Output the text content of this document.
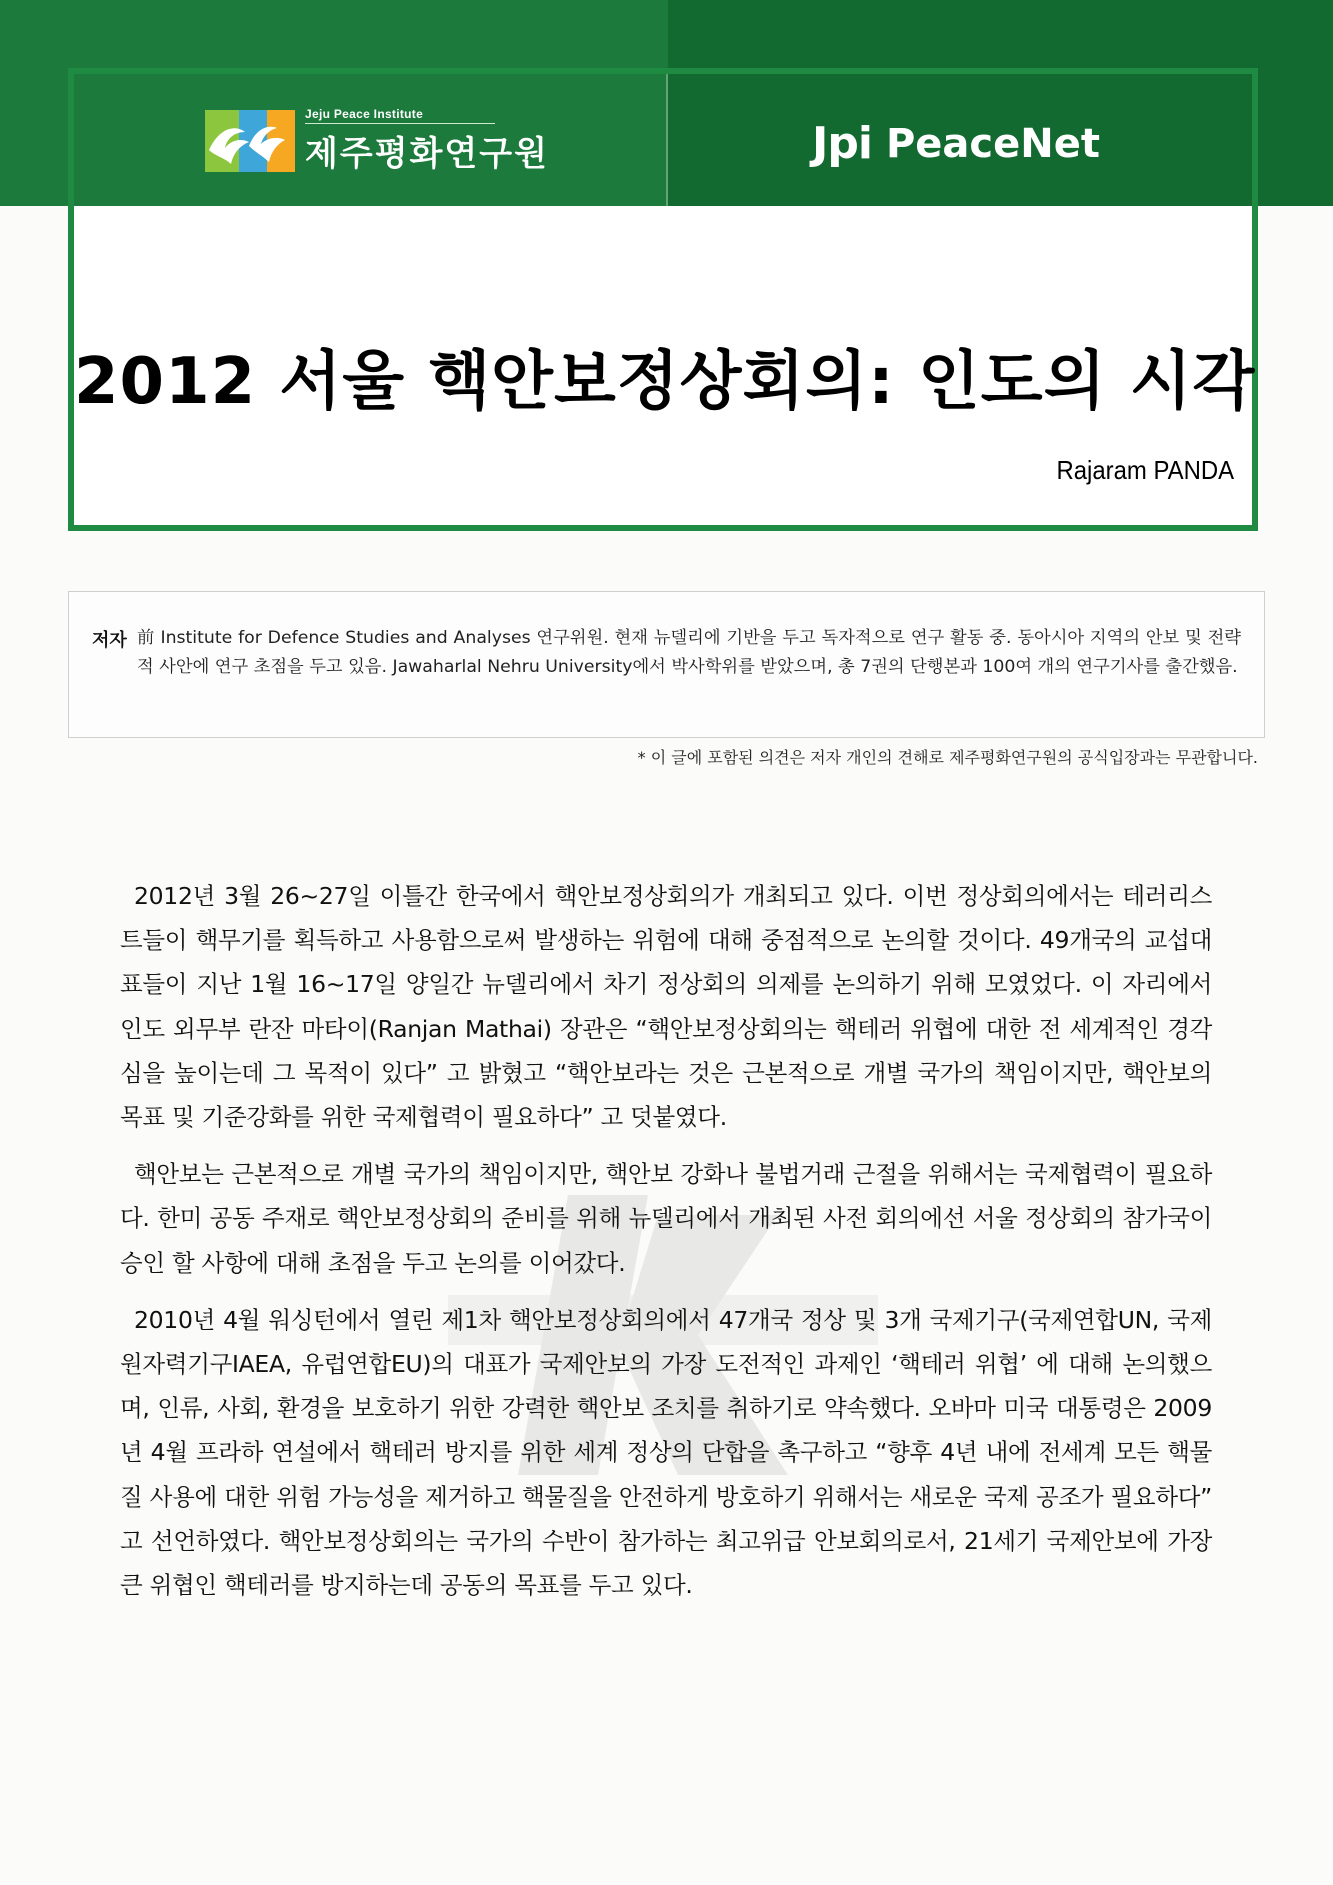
Jeju Peace Institute
제주평화연구원	Jpi PeaceNet
2012 서울 핵안보정상회의: 인도의 시각
Rajaram PANDA
저자 前 Institute for Defence Studies and Analyses 연구위원. 현재 뉴델리에 기반을 두고 독자적으로 연구 활동 중. 동아시아 지역의 안보 및 전략적 사안에 연구 초점을 두고 있음. Jawaharlal Nehru University에서 박사학위를 받았으며, 총 7권의 단행본과 100여 개의 연구기사를 출간했음.
* 이 글에 포함된 의견은 저자 개인의 견해로 제주평화연구원의 공식입장과는 무관합니다.

2012년 3월 26~27일 이틀간 한국에서 핵안보정상회의가 개최되고 있다. 이번 정상회의에서는 테러리스트들이 핵무기를 획득하고 사용함으로써 발생하는 위험에 대해 중점적으로 논의할 것이다. 49개국의 교섭대표들이 지난 1월 16~17일 양일간 뉴델리에서 차기 정상회의 의제를 논의하기 위해 모였었다. 이 자리에서 인도 외무부 란잔 마타이(Ranjan Mathai) 장관은 “핵안보정상회의는 핵테러 위협에 대한 전 세계적인 경각심을 높이는데 그 목적이 있다” 고 밝혔고 “핵안보라는 것은 근본적으로 개별 국가의 책임이지만, 핵안보의 목표 및 기준강화를 위한 국제협력이 필요하다” 고 덧붙였다.

핵안보는 근본적으로 개별 국가의 책임이지만, 핵안보 강화나 불법거래 근절을 위해서는 국제협력이 필요하다. 한미 공동 주재로 핵안보정상회의 준비를 위해 뉴델리에서 개최된 사전 회의에선 서울 정상회의 참가국이 승인 할 사항에 대해 초점을 두고 논의를 이어갔다.

2010년 4월 워싱턴에서 열린 제1차 핵안보정상회의에서 47개국 정상 및 3개 국제기구(국제연합UN, 국제원자력기구IAEA, 유럽연합EU)의 대표가 국제안보의 가장 도전적인 과제인 ‘핵테러 위협’ 에 대해 논의했으며, 인류, 사회, 환경을 보호하기 위한 강력한 핵안보 조치를 취하기로 약속했다. 오바마 미국 대통령은 2009년 4월 프라하 연설에서 핵테러 방지를 위한 세계 정상의 단합을 촉구하고 “향후 4년 내에 전세계 모든 핵물질 사용에 대한 위험 가능성을 제거하고 핵물질을 안전하게 방호하기 위해서는 새로운 국제 공조가 필요하다” 고 선언하였다. 핵안보정상회의는 국가의 수반이 참가하는 최고위급 안보회의로서, 21세기 국제안보에 가장 큰 위협인 핵테러를 방지하는데 공동의 목표를 두고 있다.
